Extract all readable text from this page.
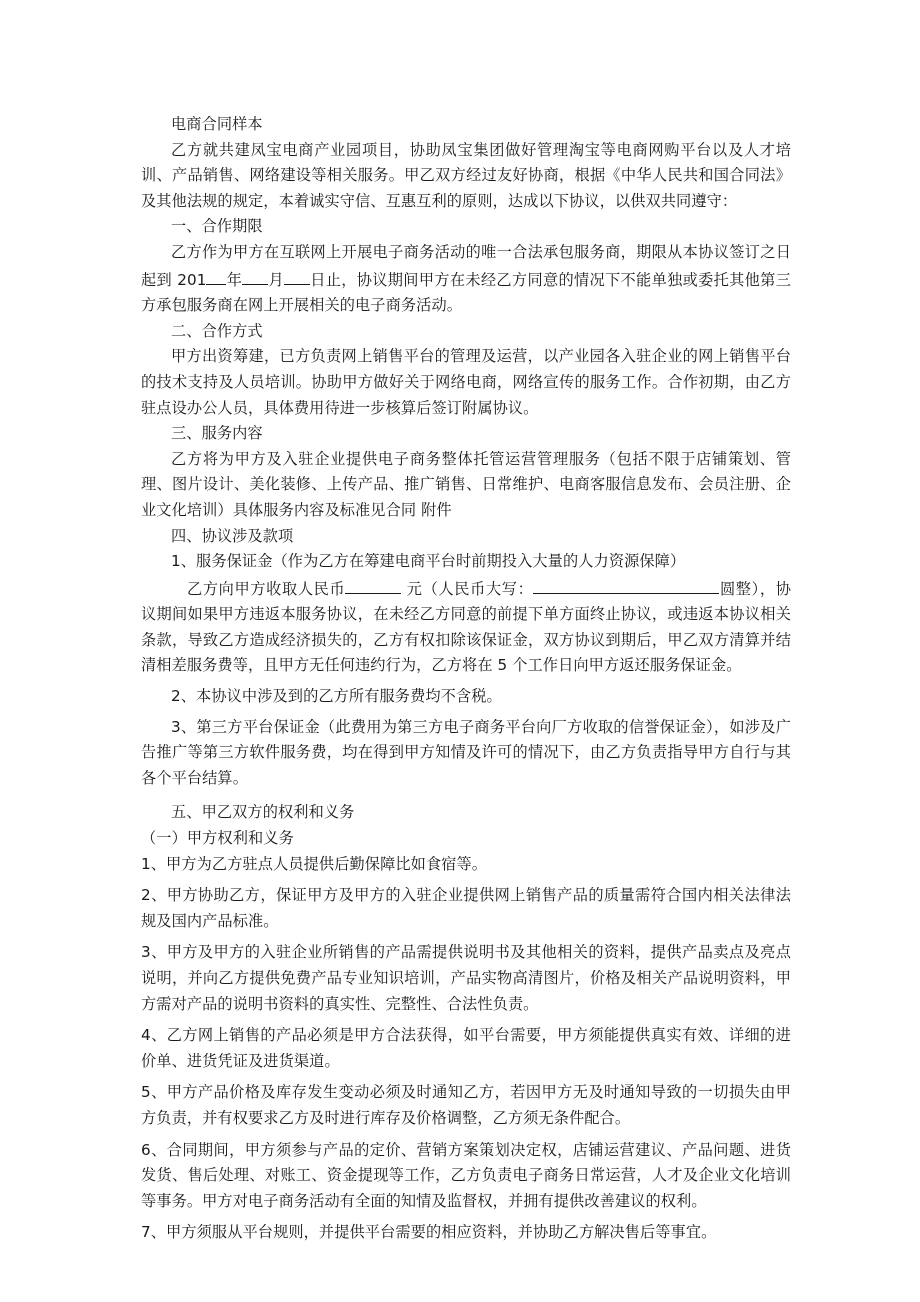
电商合同样本

乙方就共建凤宝电商产业园项目，协助凤宝集团做好管理淘宝等电商网购平台以及人才培训、产品销售、网络建设等相关服务。甲乙双方经过友好协商，根据《中华人民共和国合同法》及其他法规的规定，本着诚实守信、互惠互利的原则，达成以下协议，以供双共同遵守：

一、合作期限

乙方作为甲方在互联网上开展电子商务活动的唯一合法承包服务商，期限从本协议签订之日起到 201 年 月 日止，协议期间甲方在未经乙方同意的情况下不能单独或委托其他第三方承包服务商在网上开展相关的电子商务活动。

二、合作方式

甲方出资筹建，已方负责网上销售平台的管理及运营，以产业园各入驻企业的网上销售平台的技术支持及人员培训。协助甲方做好关于网络电商，网络宣传的服务工作。合作初期，由乙方驻点设办公人员，具体费用待进一步核算后签订附属协议。

三、服务内容

乙方将为甲方及入驻企业提供电子商务整体托管运营管理服务（包括不限于店铺策划、管理、图片设计、美化装修、上传产品、推广销售、日常维护、电商客服信息发布、会员注册、企业文化培训）具体服务内容及标准见合同 附件

四、协议涉及款项

1、服务保证金（作为乙方在筹建电商平台时前期投入大量的人力资源保障）

乙方向甲方收取人民币	元（人民币大写：	圆整），协议期间如果甲方违返本服务协议，在未经乙方同意的前提下单方面终止协议，或违返本协议相关条款，导致乙方造成经济损失的，乙方有权扣除该保证金，双方协议到期后，甲乙双方清算并结清相差服务费等，且甲方无任何违约行为，乙方将在 5 个工作日向甲方返还服务保证金。

2、本协议中涉及到的乙方所有服务费均不含税。

3、第三方平台保证金（此费用为第三方电子商务平台向厂方收取的信誉保证金），如涉及广告推广等第三方软件服务费，均在得到甲方知情及许可的情况下，由乙方负责指导甲方自行与其各个平台结算。

五、甲乙双方的权利和义务

（一）甲方权利和义务

1、甲方为乙方驻点人员提供后勤保障比如食宿等。

2、甲方协助乙方，保证甲方及甲方的入驻企业提供网上销售产品的质量需符合国内相关法律法规及国内产品标准。

3、甲方及甲方的入驻企业所销售的产品需提供说明书及其他相关的资料，提供产品卖点及亮点说明，并向乙方提供免费产品专业知识培训，产品实物高清图片，价格及相关产品说明资料，甲方需对产品的说明书资料的真实性、完整性、合法性负责。

4、乙方网上销售的产品必须是甲方合法获得，如平台需要，甲方须能提供真实有效、详细的进价单、进货凭证及进货渠道。

5、甲方产品价格及库存发生变动必须及时通知乙方，若因甲方无及时通知导致的一切损失由甲方负责，并有权要求乙方及时进行库存及价格调整，乙方须无条件配合。

6、合同期间，甲方须参与产品的定价、营销方案策划决定权，店铺运营建议、产品问题、进货发货、售后处理、对账工、资金提现等工作，乙方负责电子商务日常运营，人才及企业文化培训等事务。甲方对电子商务活动有全面的知情及监督权，并拥有提供改善建议的权利。

7、甲方须服从平台规则，并提供平台需要的相应资料，并协助乙方解决售后等事宜。
